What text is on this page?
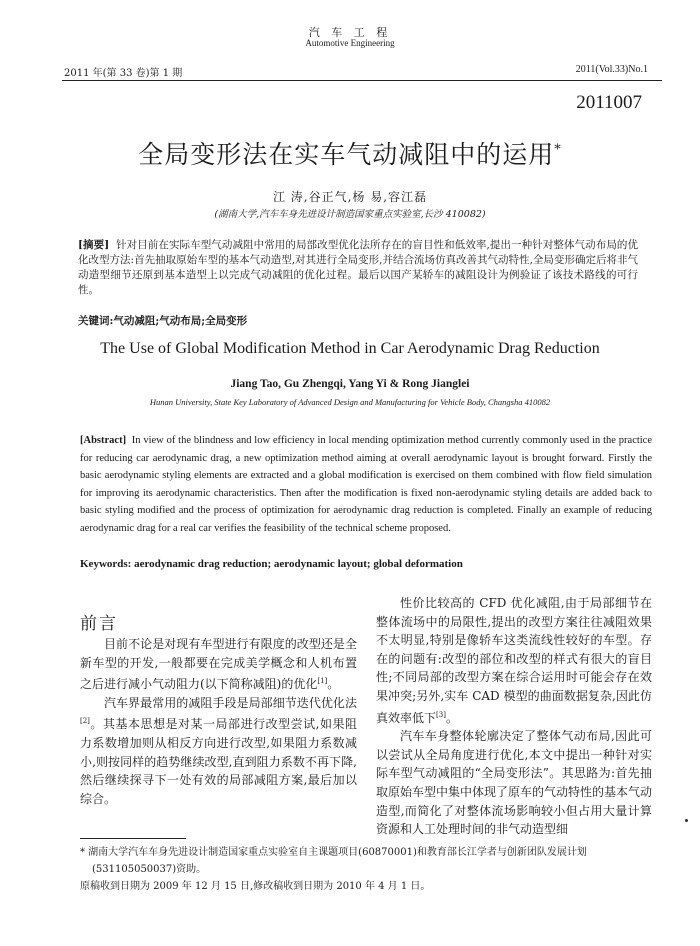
汽 车 工 程
Automotive Engineering
2011 年(第 33 卷)第 1 期	2011(Vol.33)No.1
2011007
全局变形法在实车气动减阻中的运用*
江 涛,谷正气,杨 易,容江磊
(湖南大学,汽车车身先进设计制造国家重点实验室,长沙 410082)
[摘要] 针对目前在实际车型气动减阻中常用的局部改型优化法所存在的盲目性和低效率,提出一种针对整体气动布局的优化改型方法:首先抽取原始车型的基本气动造型,对其进行全局变形,并结合流场仿真改善其气动特性,全局变形确定后将非气动造型细节还原到基本造型上以完成气动减阻的优化过程。最后以国产某轿车的减阻设计为例验证了该技术路线的可行性。
关键词:气动减阻;气动布局;全局变形
The Use of Global Modification Method in Car Aerodynamic Drag Reduction
Jiang Tao, Gu Zhengqi, Yang Yi & Rong Jianglei
Hunan University, State Key Laboratory of Advanced Design and Manufacturing for Vehicle Body, Changsha 410082
[Abstract] In view of the blindness and low efficiency in local mending optimization method currently commonly used in the practice for reducing car aerodynamic drag, a new optimization method aiming at overall aerodynamic layout is brought forward. Firstly the basic aerodynamic styling elements are extracted and a global modification is exercised on them combined with flow field simulation for improving its aerodynamic characteristics. Then after the modification is fixed non-aerodynamic styling details are added back to basic styling modified and the process of optimization for aerodynamic drag reduction is completed. Finally an example of reducing aerodynamic drag for a real car verifies the feasibility of the technical scheme proposed.
Keywords: aerodynamic drag reduction; aerodynamic layout; global deformation
前言

目前不论是对现有车型进行有限度的改型还是全新车型的开发,一般都要在完成美学概念和人机布置之后进行减小气动阻力(以下简称减阻)的优化[1]。

汽车界最常用的减阻手段是局部细节迭代优化法[2]。其基本思想是对某一局部进行改型尝试,如果阻力系数增加则从相反方向进行改型,如果阻力系数减小,则按同样的趋势继续改型,直到阻力系数不再下降,然后继续探寻下一处有效的局部减阻方案,最后加以综合。

性价比较高的 CFD 优化减阻,由于局部细节在整体流场中的局限性,提出的改型方案往往减阻效果不太明显,特别是像轿车这类流线性较好的车型。存在的问题有:改型的部位和改型的样式有很大的盲目性;不同局部的改型方案在综合运用时可能会存在效果冲突;另外,实车 CAD 模型的曲面数据复杂,因此仿真效率低下[3]。

汽车车身整体轮廓决定了整体气动布局,因此可以尝试从全局角度进行优化,本文中提出一种针对实际车型气动减阻的“全局变形法”。其思路为:首先抽取原始车型中集中体现了原车的气动特性的基本气动造型,而简化了对整体流场影响较小但占用大量计算资源和人工处理时间的非气动造型细

* 湖南大学汽车车身先进设计制造国家重点实验室自主课题项目(60870001)和教育部长江学者与创新团队发展计划

(531105050037)资助。

原稿收到日期为 2009 年 12 月 15 日,修改稿收到日期为 2010 年 4 月 1 日。
